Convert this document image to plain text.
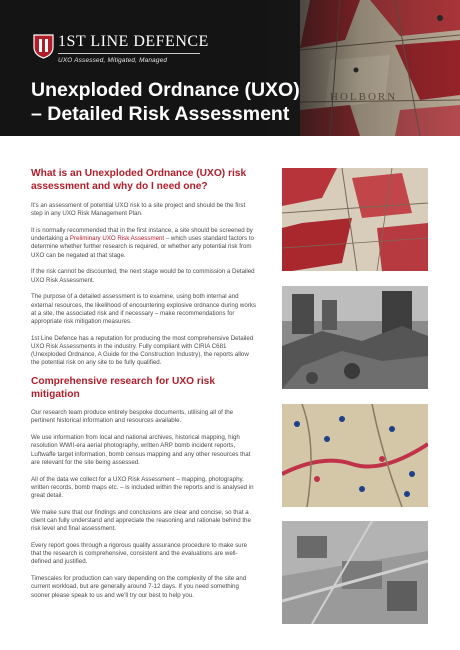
HOLBORN
1ST LINE DEFENCE
UXO Assessed, Mitigated, Managed
Unexploded Ordnance (UXO)
– Detailed Risk Assessment
What is an Unexploded Ordnance (UXO) risk assessment and why do I need one?

It's an assessment of potential UXO risk to a site project and should be the first step in any UXO Risk Management Plan.

It is normally recommended that in the first instance, a site should be screened by undertaking a Preliminary UXO Risk Assessment – which uses standard factors to determine whether further research is required, or whether any potential risk from UXO can be negated at that stage.

If the risk cannot be discounted, the next stage would be to commission a Detailed UXO Risk Assessment.

The purpose of a detailed assessment is to examine, using both internal and external resources, the likelihood of encountering explosive ordnance during works at a site, the associated risk and if necessary – make recommendations for appropriate risk mitigation measures.

1st Line Defence has a reputation for producing the most comprehensive Detailed UXO Risk Assessments in the industry. Fully compliant with CIRIA C681 (Unexploded Ordnance, A Guide for the Construction Industry), the reports allow the potential risk on any site to be fully qualified.

Comprehensive research for UXO risk mitigation

Our research team produce entirely bespoke documents, utilising all of the pertinent historical information and resources available.

We use information from local and national archives, historical mapping, high resolution WWII-era aerial photography, written ARP bomb incident reports, Luftwaffe target information, bomb census mapping and any other resources that are relevant for the site being assessed.

All of the data we collect for a UXO Risk Assessment – mapping, photography, written records, bomb maps etc. – is included within the reports and is analysed in great detail.

We make sure that our findings and conclusions are clear and concise, so that a client can fully understand and appreciate the reasoning and rationale behind the risk level and final assessment.

Every report goes through a rigorous quality assurance procedure to make sure that the research is comprehensive, consistent and the evaluations are well-defined and justified.

Timescales for production can vary depending on the complexity of the site and current workload, but are generally around 7-12 days. If you need something sooner please speak to us and we'll try our best to help you.
